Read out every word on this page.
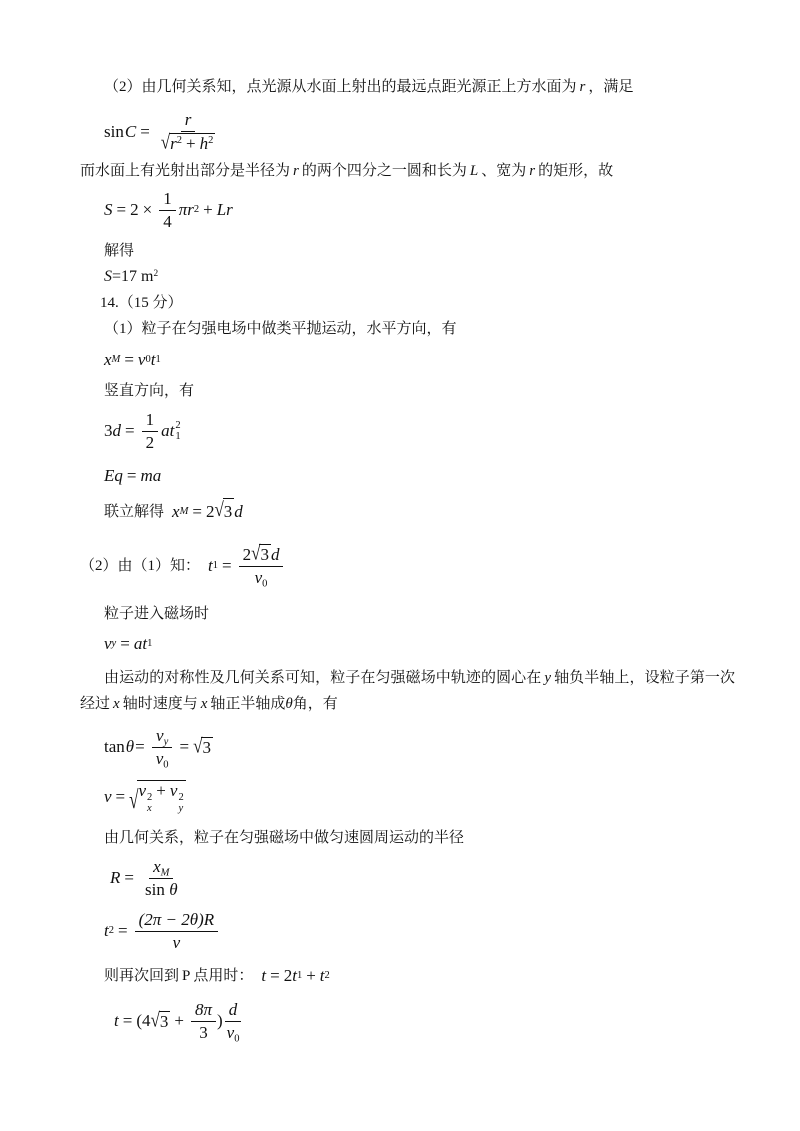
（2）由几何关系知，点光源从水面上射出的最远点距光源正上方水面为 r ，满足

$\sin C = \frac{r}{√ r^2 + h^2}$

而水面上有光射出部分是半径为 r 的两个四分之一圆和长为 L 、宽为 r 的矩形，故

$S = 2 \times \frac{1}{4}$ π r 2 + Lr

解得

S=17 $m^2$

14.（15 分）

（1）粒子在匀强电场中做类平抛运动，水平方向，有

x M = v 0 t 1

竖直方向，有

3 $d = \frac{1}{2}$ a t 2
1
Eq = ma

联立解得 x M = 2 √ 3 d

（2）由（1）知： t $1 = \frac{2 √ 3 d}{v_0}$

粒子进入磁场时

v y = a t 1

由运动的对称性及几何关系可知，粒子在匀强磁场中轨迹的圆心在 y 轴负半轴上，设粒子第一次经过 x 轴时速度与 x 轴正半轴成θ角，有

$\tan \theta = \frac{v_y}{v_0}$ = √ 3
v = √ v 2
x
+ v 2
y

由几何关系，粒子在匀强磁场中做匀速圆周运动的半径

$R = \frac{x_M}{\text{sin  θ}}$
t $2 = \frac{(2\pi - 2\theta)R}{v}$

则再次回到 P 点用时： t = 2 t 1 + t 2

t = ( 4 √ $3 + \frac{8\pi}{3}$ ) $\frac{d}{v_0}$
